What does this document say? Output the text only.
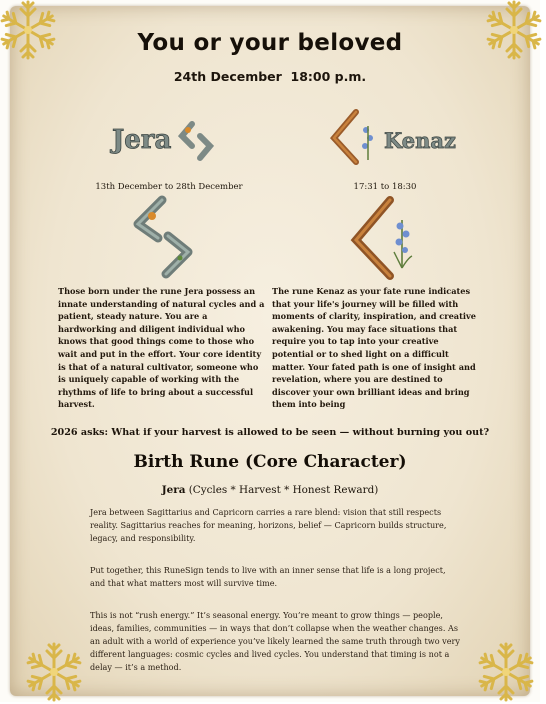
You or your beloved
24th December  18:00 p.m.
Jera	Kenaz
13th December to 28th December	17:31 to 18:30
Those born under the rune Jera possess an innate understanding of natural cycles and a patient, steady nature. You are a hardworking and diligent individual who knows that good things come to those who wait and put in the effort. Your core identity is that of a natural cultivator, someone who is uniquely capable of working with the rhythms of life to bring about a successful harvest.
The rune Kenaz as your fate rune indicates that your life's journey will be filled with moments of clarity, inspiration, and creative awakening. You may face situations that require you to tap into your creative potential or to shed light on a difficult matter. Your fated path is one of insight and revelation, where you are destined to discover your own brilliant ideas and bring them into being
2026 asks: What if your harvest is allowed to be seen — without burning you out?
Birth Rune (Core Character)
Jera (Cycles * Harvest * Honest Reward)
Jera between Sagittarius and Capricorn carries a rare blend: vision that still respects reality. Sagittarius reaches for meaning, horizons, belief — Capricorn builds structure, legacy, and responsibility.
Put together, this RuneSign tends to live with an inner sense that life is a long project, and that what matters most will survive time.
This is not “rush energy.” It’s seasonal energy. You’re meant to grow things — people, ideas, families, communities — in ways that don’t collapse when the weather changes. As an adult with a world of experience you’ve likely learned the same truth through two very different languages: cosmic cycles and lived cycles. You understand that timing is not a delay — it’s a method.
